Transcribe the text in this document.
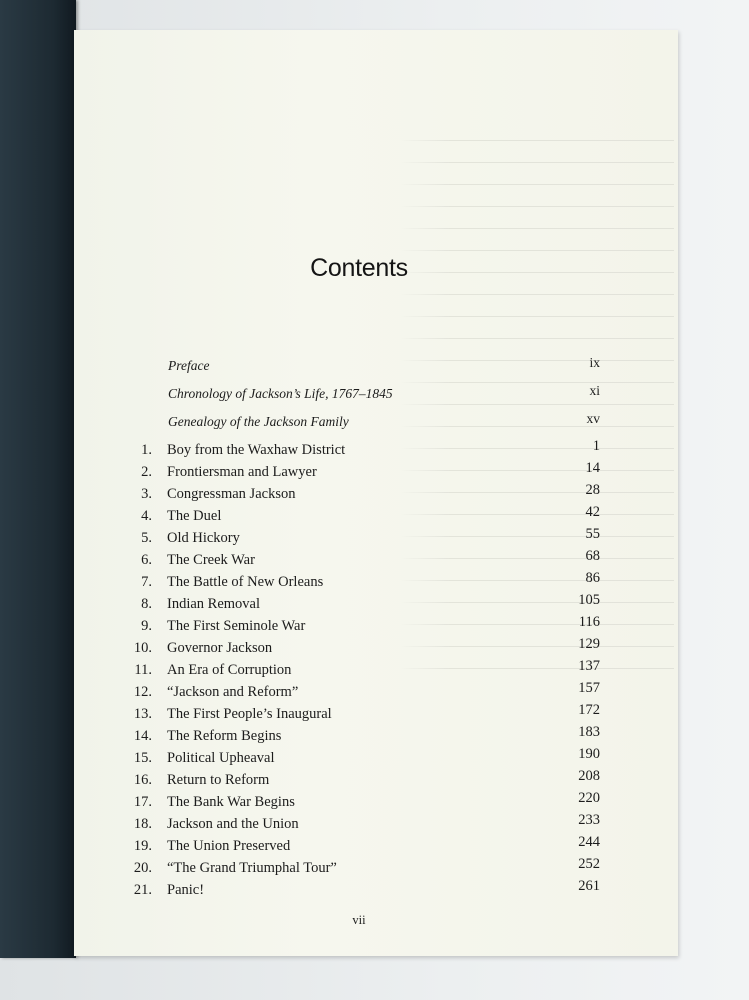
Contents
Preface	ix
Chronology of Jackson’s Life, 1767–1845	xi
Genealogy of the Jackson Family	xv
1. Boy from the Waxhaw District	1
2. Frontiersman and Lawyer	14
3. Congressman Jackson	28
4. The Duel	42
5. Old Hickory	55
6. The Creek War	68
7. The Battle of New Orleans	86
8. Indian Removal	105
9. The First Seminole War	116
10. Governor Jackson	129
11. An Era of Corruption	137
12. “Jackson and Reform”	157
13. The First People’s Inaugural	172
14. The Reform Begins	183
15. Political Upheaval	190
16. Return to Reform	208
17. The Bank War Begins	220
18. Jackson and the Union	233
19. The Union Preserved	244
20. “The Grand Triumphal Tour”	252
21. Panic!	261
vii
